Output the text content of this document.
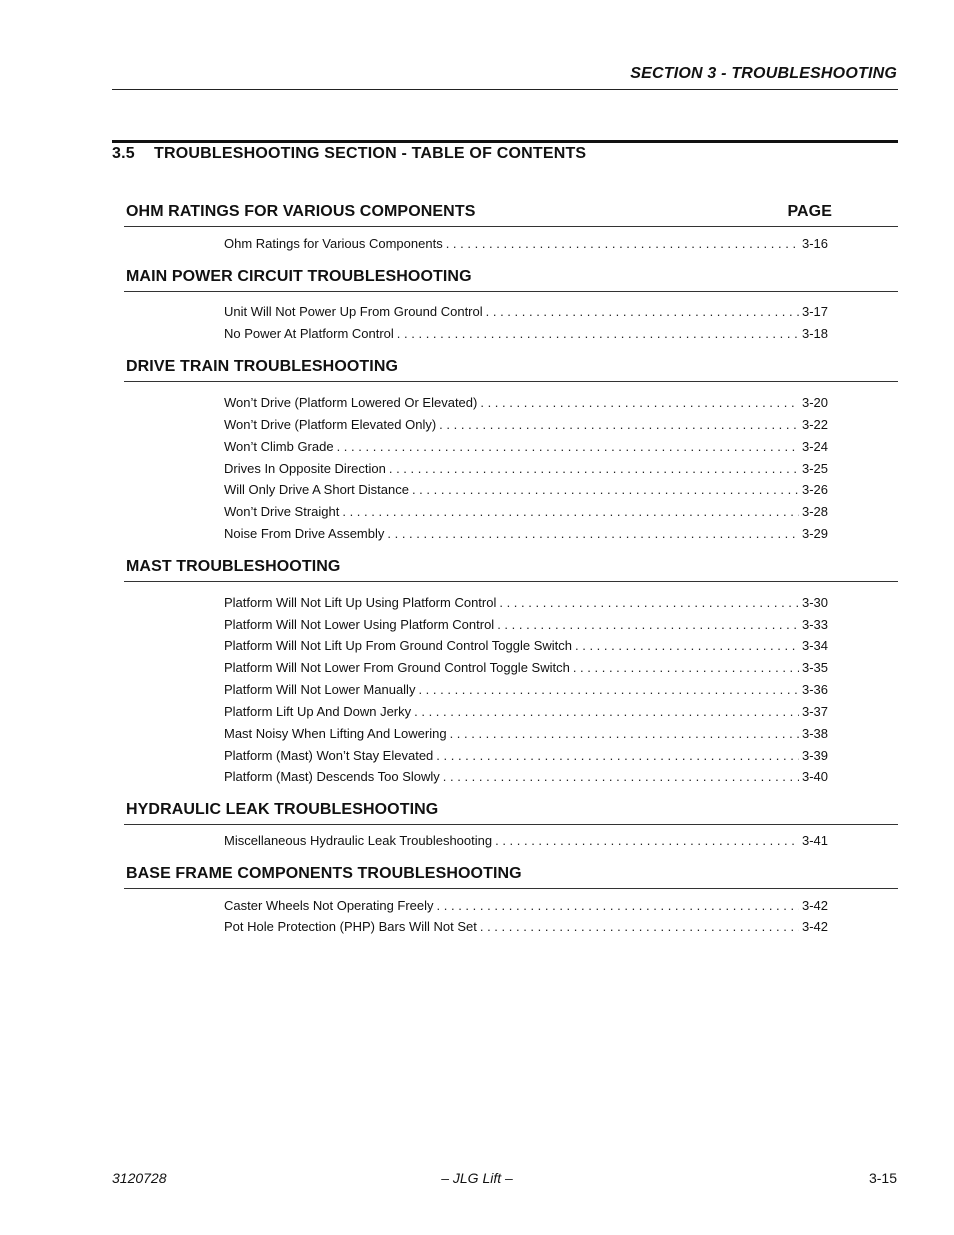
SECTION 3 - TROUBLESHOOTING
3.5 TROUBLESHOOTING SECTION - TABLE OF CONTENTS
OHM RATINGS FOR VARIOUS COMPONENTS	PAGE
Ohm Ratings for Various Components . . .	3-16
MAIN POWER CIRCUIT TROUBLESHOOTING
Unit Will Not Power Up From Ground Control . . .	3-17
No Power At Platform Control . . .	3-18
DRIVE TRAIN TROUBLESHOOTING
Won’t Drive (Platform Lowered Or Elevated) . . .	3-20
Won’t Drive (Platform Elevated Only) . . .	3-22
Won’t Climb Grade . . .	3-24
Drives In Opposite Direction . . .	3-25
Will Only Drive A Short Distance . . .	3-26
Won’t Drive Straight . . .	3-28
Noise From Drive Assembly . . .	3-29
MAST TROUBLESHOOTING
Platform Will Not Lift Up Using Platform Control . . .	3-30
Platform Will Not Lower Using Platform Control . . .	3-33
Platform Will Not Lift Up From Ground Control Toggle Switch . . .	3-34
Platform Will Not Lower From Ground Control Toggle Switch . . .	3-35
Platform Will Not Lower Manually . . .	3-36
Platform Lift Up And Down Jerky . . .	3-37
Mast Noisy When Lifting And Lowering . . .	3-38
Platform (Mast) Won’t Stay Elevated . . .	3-39
Platform (Mast) Descends Too Slowly . . .	3-40
HYDRAULIC LEAK TROUBLESHOOTING
Miscellaneous Hydraulic Leak Troubleshooting . . .	3-41
BASE FRAME COMPONENTS TROUBLESHOOTING
Caster Wheels Not Operating Freely . . .	3-42
Pot Hole Protection (PHP) Bars Will Not Set . . .	3-42
3120728	– JLG Lift –	3-15
